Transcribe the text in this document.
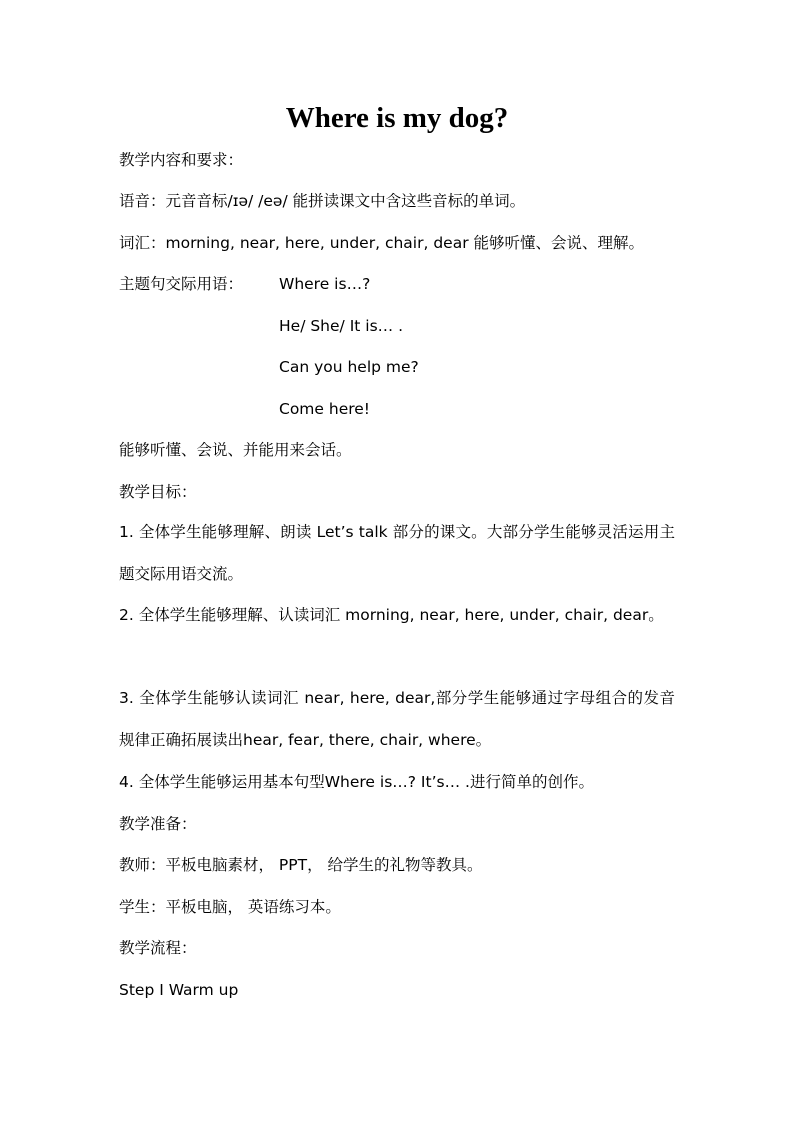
Where is my dog?
教学内容和要求：
语音：元音音标/ɪə/ /eə/ 能拼读课文中含这些音标的单词。
词汇：morning, near, here, under, chair, dear 能够听懂、会说、理解。
主题句交际用语： Where is…?
He/ She/ It is… .
Can you help me?
Come here!
能够听懂、会说、并能用来会话。
教学目标：
1. 全体学生能够理解、朗读 Let’s talk 部分的课文。大部分学生能够灵活运用主题交际用语交流。
2. 全体学生能够理解、认读词汇 morning, near, here, under, chair, dear。
3. 全体学生能够认读词汇 near, here, dear,部分学生能够通过字母组合的发音规律正确拓展读出hear, fear, there, chair, where。
4. 全体学生能够运用基本句型Where is…? It’s… .进行简单的创作。
教学准备：
教师：平板电脑素材， PPT， 给学生的礼物等教具。
学生：平板电脑， 英语练习本。
教学流程：
Step Ⅰ Warm up
